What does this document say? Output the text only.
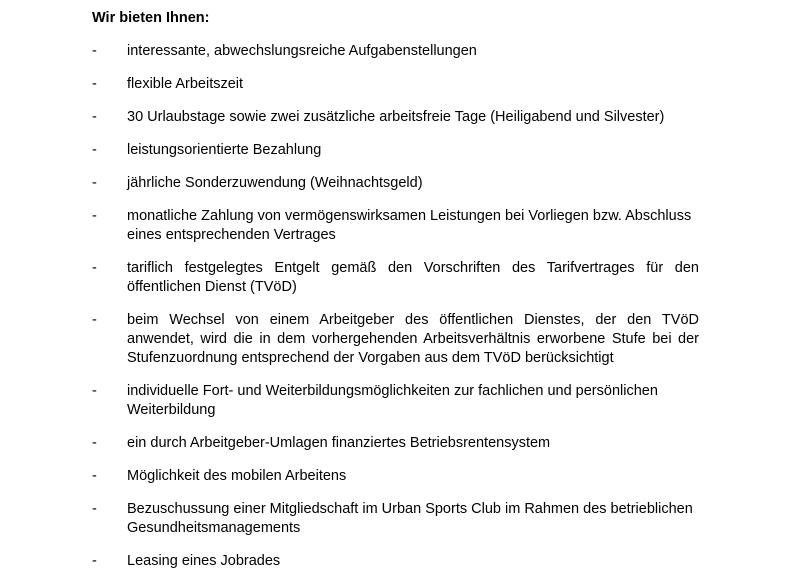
Wir bieten Ihnen:
-	interessante, abwechslungsreiche Aufgabenstellungen
-	flexible Arbeitszeit
-	30 Urlaubstage sowie zwei zusätzliche arbeitsfreie Tage (Heiligabend und Silvester)
-	leistungsorientierte Bezahlung
-	jährliche Sonderzuwendung (Weihnachtsgeld)
-	monatliche Zahlung von vermögenswirksamen Leistungen bei Vorliegen bzw. Abschluss eines entsprechenden Vertrages
-	tariflich festgelegtes Entgelt gemäß den Vorschriften des Tarifvertrages für den öffentlichen Dienst (TVöD)
-	beim Wechsel von einem Arbeitgeber des öffentlichen Dienstes, der den TVöD anwendet, wird die in dem vorhergehenden Arbeitsverhältnis erworbene Stufe bei der Stufenzuordnung entsprechend der Vorgaben aus dem TVöD berücksichtigt
-	individuelle Fort- und Weiterbildungsmöglichkeiten zur fachlichen und persönlichen Weiterbildung
-	ein durch Arbeitgeber-Umlagen finanziertes Betriebsrentensystem
-	Möglichkeit des mobilen Arbeitens
-	Bezuschussung einer Mitgliedschaft im Urban Sports Club im Rahmen des betrieblichen Gesundheitsmanagements
-	Leasing eines Jobrades
